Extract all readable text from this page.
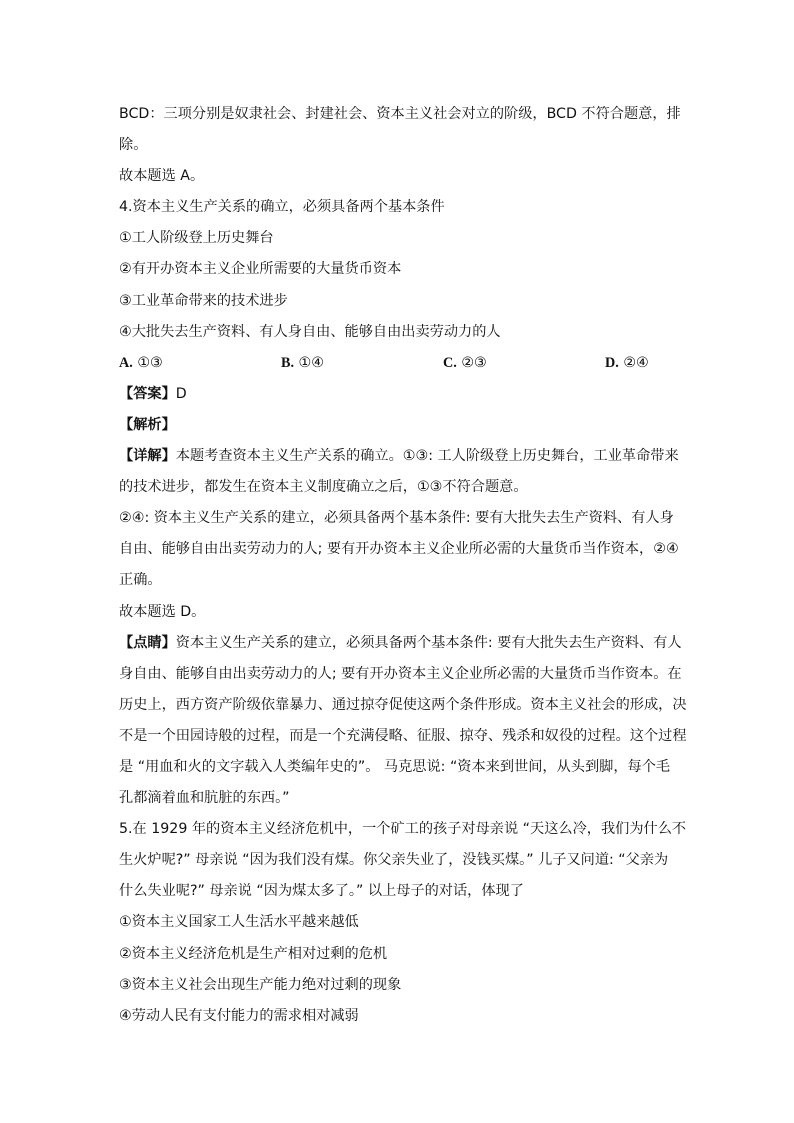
BCD：三项分别是奴隶社会、封建社会、资本主义社会对立的阶级，BCD 不符合题意，排
除。
故本题选 A。
4.资本主义生产关系的确立，必须具备两个基本条件
①工人阶级登上历史舞台
②有开办资本主义企业所需要的大量货币资本
③工业革命带来的技术进步
④大批失去生产资料、有人身自由、能够自由出卖劳动力的人
A. ①③	B. ①④	C. ②③	D. ②④
【答案】D
【解析】
【详解】本题考查资本主义生产关系的确立。①③: 工人阶级登上历史舞台，工业革命带来
的技术进步，都发生在资本主义制度确立之后，①③不符合题意。
②④: 资本主义生产关系的建立，必须具备两个基本条件: 要有大批失去生产资料、有人身
自由、能够自由出卖劳动力的人; 要有开办资本主义企业所必需的大量货币当作资本，②④
正确。
故本题选 D。
【点睛】资本主义生产关系的建立，必须具备两个基本条件: 要有大批失去生产资料、有人
身自由、能够自由出卖劳动力的人; 要有开办资本主义企业所必需的大量货币当作资本。在
历史上，西方资产阶级依靠暴力、通过掠夺促使这两个条件形成。资本主义社会的形成，决
不是一个田园诗般的过程，而是一个充满侵略、征服、掠夺、残杀和奴役的过程。这个过程
是 “用血和火的文字载入人类编年史的”。 马克思说: “资本来到世间，从头到脚，每个毛
孔都滴着血和肮脏的东西。”
5.在 1929 年的资本主义经济危机中，一个矿工的孩子对母亲说 “天这么冷，我们为什么不
生火炉呢?” 母亲说 “因为我们没有煤。你父亲失业了，没钱买煤。” 儿子又问道: “父亲为
什么失业呢?” 母亲说 “因为煤太多了。” 以上母子的对话，体现了
①资本主义国家工人生活水平越来越低
②资本主义经济危机是生产相对过剩的危机
③资本主义社会出现生产能力绝对过剩的现象
④劳动人民有支付能力的需求相对减弱
